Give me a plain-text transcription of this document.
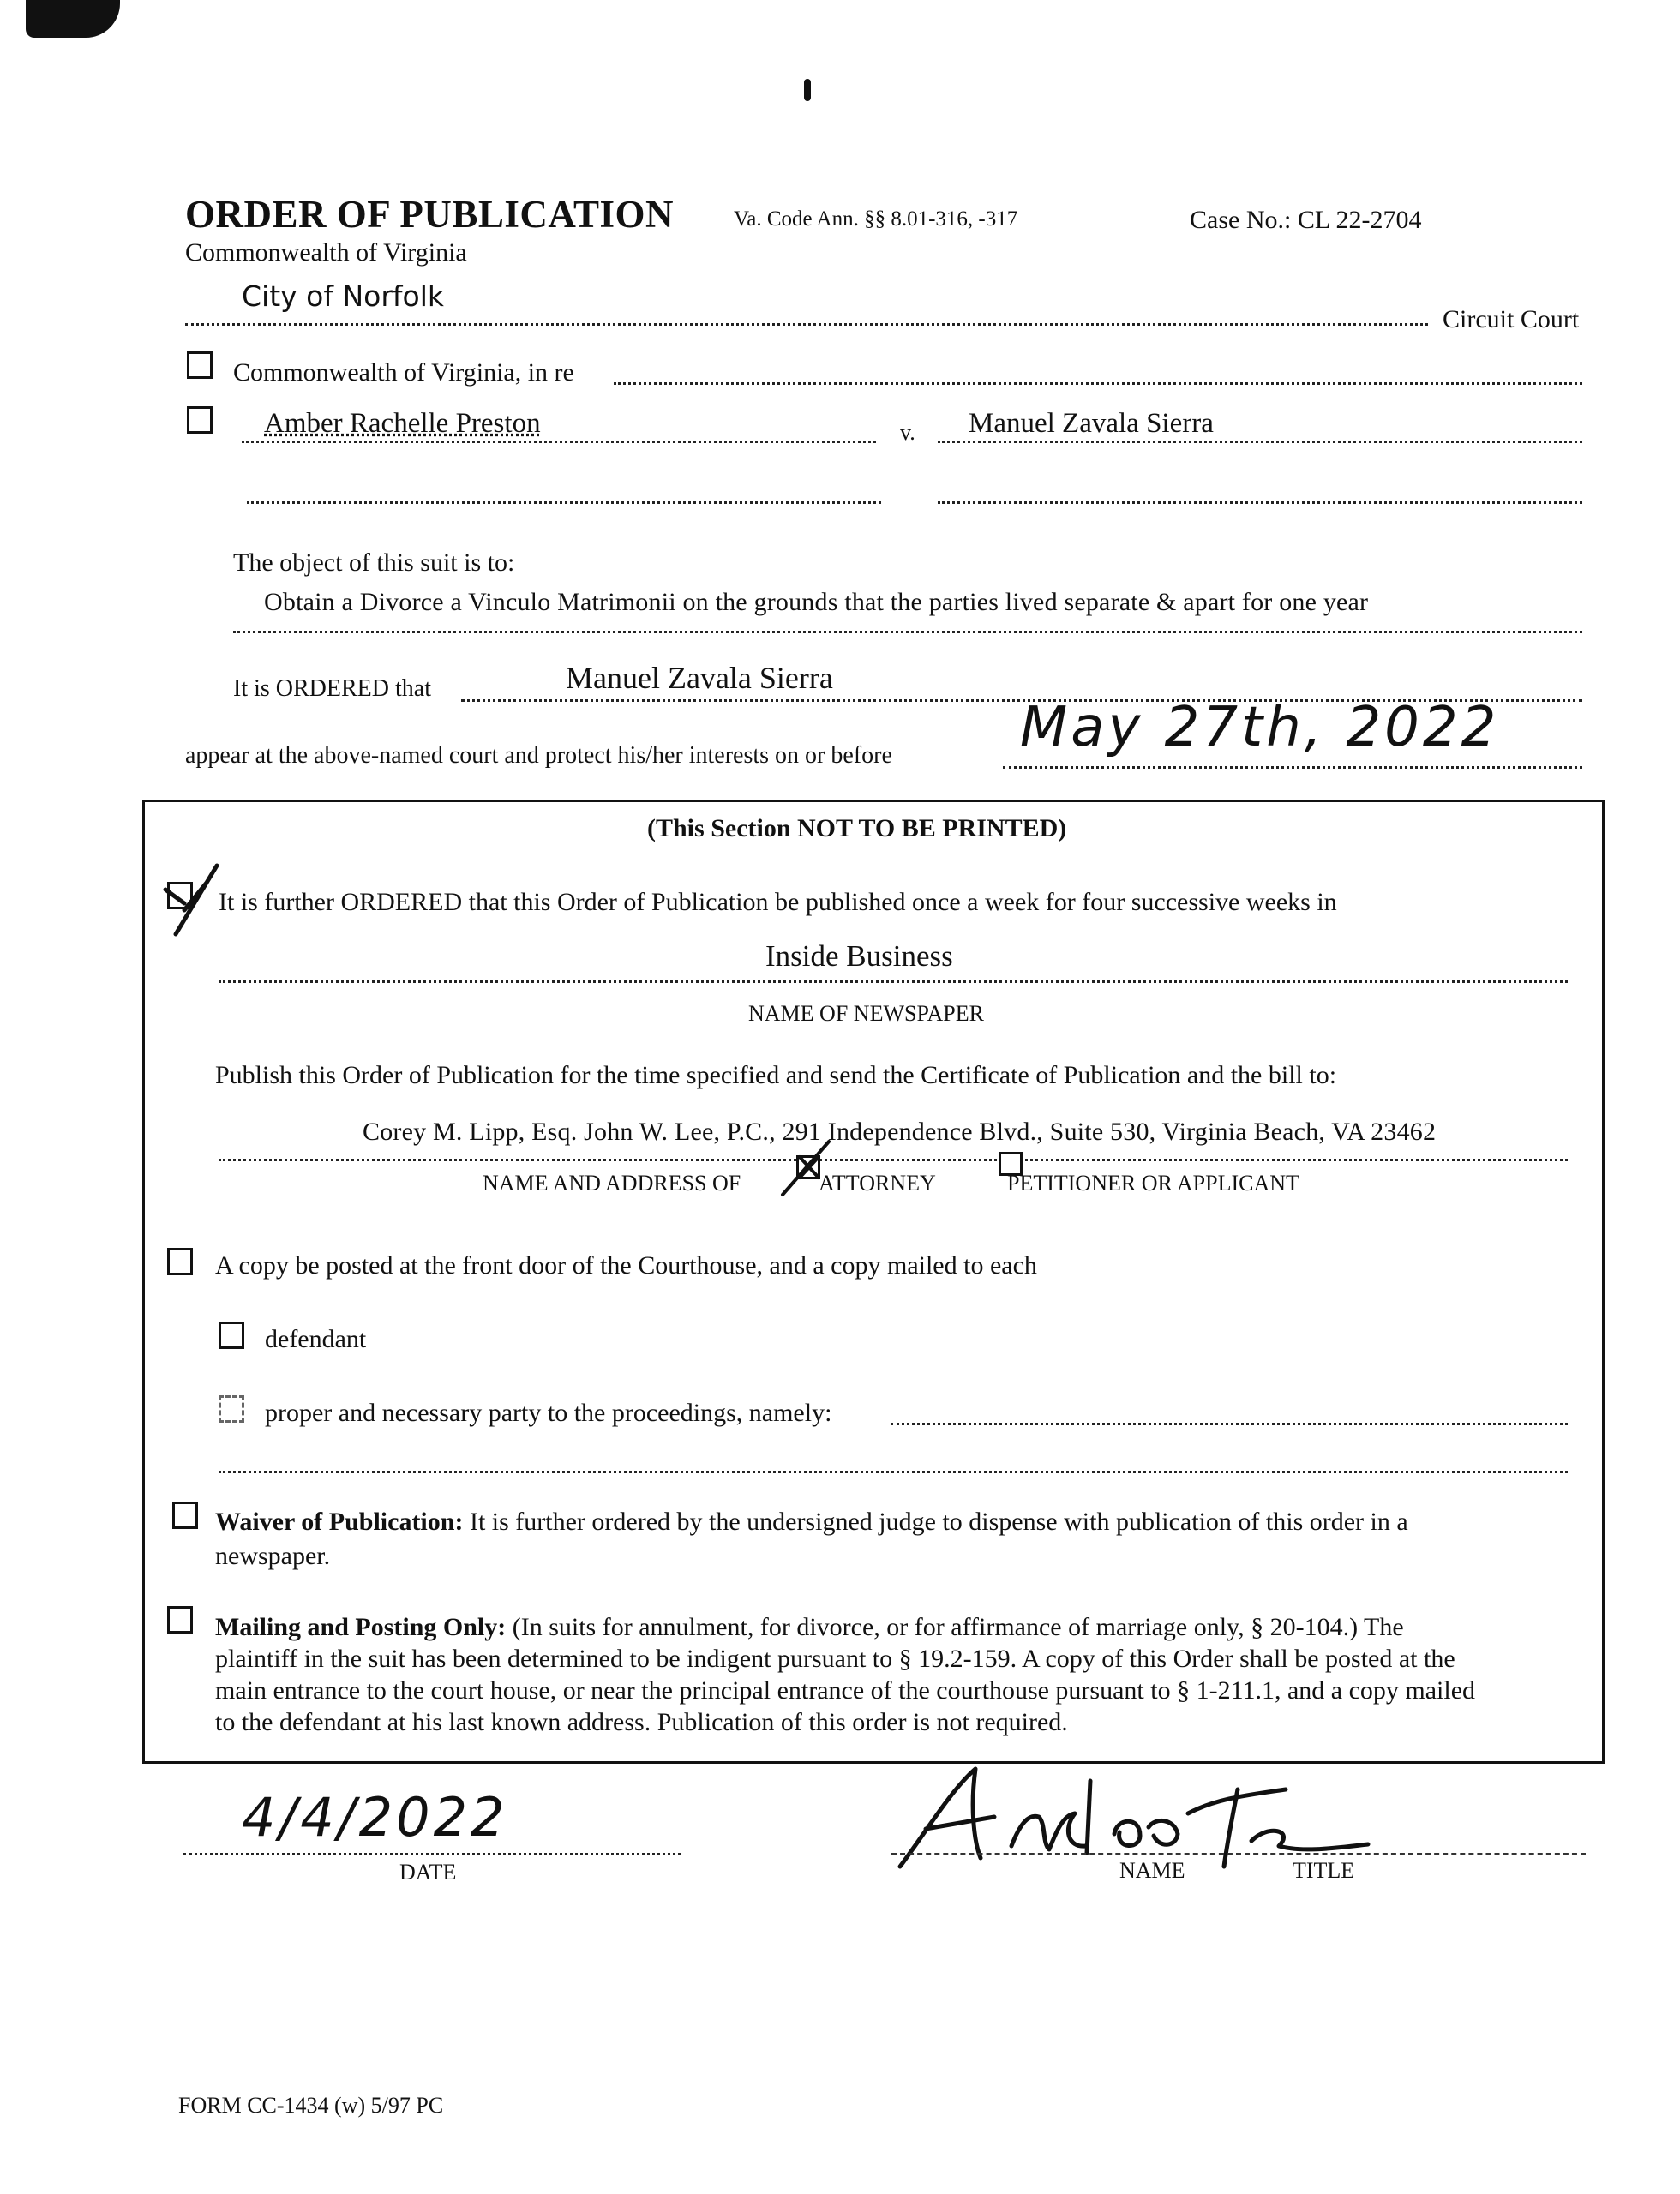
ORDER OF PUBLICATION	Va. Code Ann. §§ 8.01-316, -317	Case No.: CL 22-2704
Commonwealth of Virginia
City of Norfolk
Circuit Court
Commonwealth of Virginia, in re
Amber Rachelle Preston	v. Manuel Zavala Sierra
The object of this suit is to:
Obtain a Divorce a Vinculo Matrimonii on the grounds that the parties lived separate & apart for one year
It is ORDERED that	Manuel Zavala Sierra
appear at the above-named court and protect his/her interests on or before May 27th, 2022
(This Section NOT TO BE PRINTED)
It is further ORDERED that this Order of Publication be published once a week for four successive weeks in
Inside Business
NAME OF NEWSPAPER
Publish this Order of Publication for the time specified and send the Certificate of Publication and the bill to:
Corey M. Lipp, Esq. John W. Lee, P.C., 291 Independence Blvd., Suite 530, Virginia Beach, VA 23462
NAME AND ADDRESS OF	ATTORNEY	PETITIONER OR APPLICANT
A copy be posted at the front door of the Courthouse, and a copy mailed to each
defendant
proper and necessary party to the proceedings, namely:
Waiver of Publication: It is further ordered by the undersigned judge to dispense with publication of this order in a
newspaper.
Mailing and Posting Only: (In suits for annulment, for divorce, or for affirmance of marriage only, § 20-104.) The
plaintiff in the suit has been determined to be indigent pursuant to § 19.2-159. A copy of this Order shall be posted at the
main entrance to the court house, or near the principal entrance of the courthouse pursuant to § 1-211.1, and a copy mailed
to the defendant at his last known address. Publication of this order is not required.
4/4/2022
DATE	NAME	TITLE
FORM CC-1434 (w) 5/97 PC
